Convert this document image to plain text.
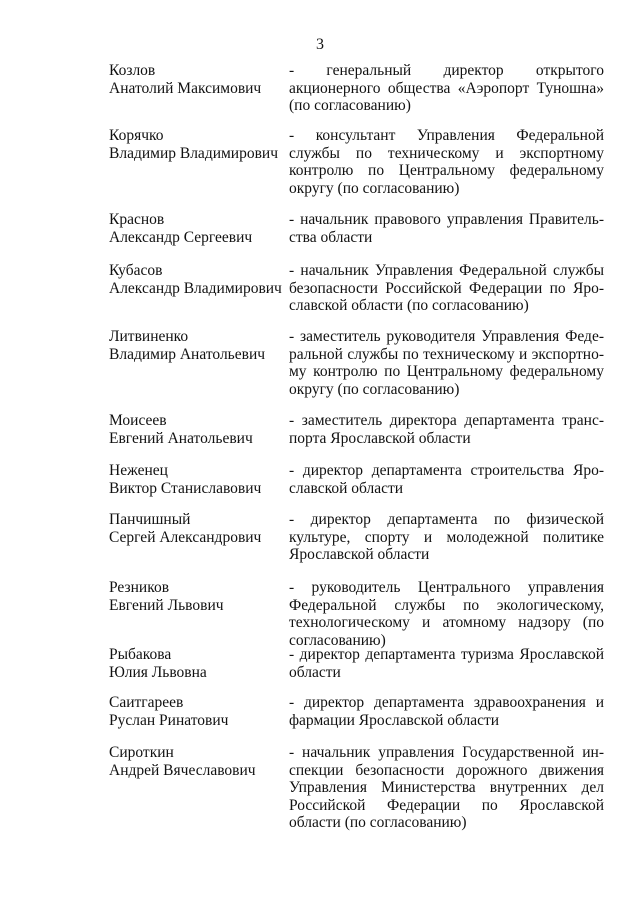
3
Козлов
Анатолий Максимович
- генеральный директор открытого акционерного общества «Аэропорт Туношна» (по согласованию)
Корячко
Владимир Владимирович
- консультант Управления Федеральной службы по техническому и экспортному контролю по Центральному федеральному округу (по согласованию)
Краснов
Александр Сергеевич
- начальник правового управления Правительства области
Кубасов
Александр Владимирович
- начальник Управления Федеральной службы безопасности Российской Федерации по Ярославской области (по согласованию)
Литвиненко
Владимир Анатольевич
- заместитель руководителя Управления Федеральной службы по техническому и экспортному контролю по Центральному федеральному округу (по согласованию)
Моисеев
Евгений Анатольевич
- заместитель директора департамента транспорта Ярославской области
Неженец
Виктор Станиславович
- директор департамента строительства Ярославской области
Панчишный
Сергей Александрович
- директор департамента по физической культуре, спорту и молодежной политике Ярославской области
Резников
Евгений Львович
- руководитель Центрального управления Федеральной службы по экологическому, технологическому и атомному надзору (по согласованию)
Рыбакова
Юлия Львовна
- директор департамента туризма Ярославской области
Саитгареев
Руслан Ринатович
- директор департамента здравоохранения и фармации Ярославской области
Сироткин
Андрей Вячеславович
- начальник управления Государственной инспекции безопасности дорожного движения Управления Министерства внутренних дел Российской Федерации по Ярославской области (по согласованию)
